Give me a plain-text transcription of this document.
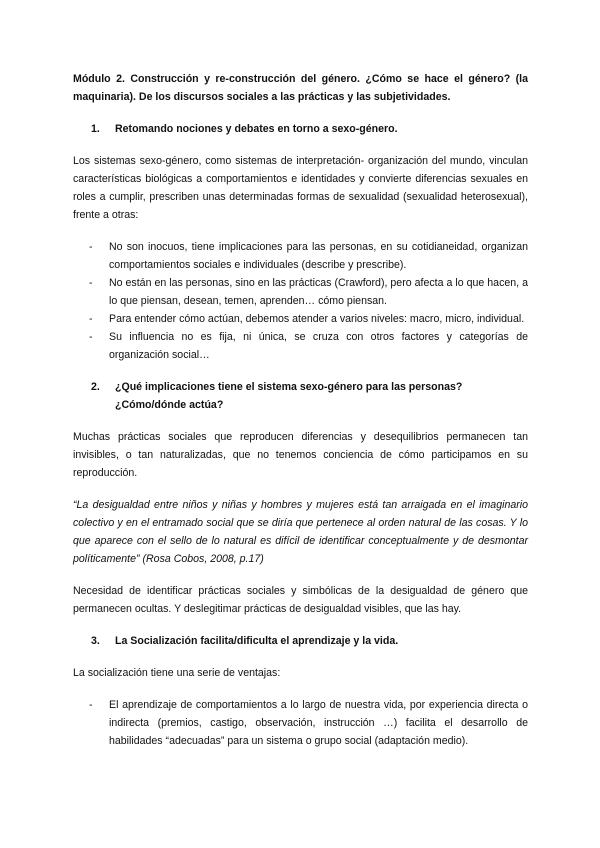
Módulo 2. Construcción y re-construcción del género. ¿Cómo se hace el género? (la maquinaria). De los discursos sociales a las prácticas y las subjetividades.

1.	Retomando nociones y debates en torno a sexo-género.

Los sistemas sexo-género, como sistemas de interpretación- organización del mundo, vinculan características biológicas a comportamientos e identidades y convierte diferencias sexuales en roles a cumplir, prescriben unas determinadas formas de sexualidad (sexualidad heterosexual), frente a otras:

-	No son inocuos, tiene implicaciones para las personas, en su cotidianeidad, organizan comportamientos sociales e individuales (describe y prescribe).
-	No están en las personas, sino en las prácticas (Crawford), pero afecta a lo que hacen, a lo que piensan, desean, temen, aprenden… cómo piensan.
-	Para entender cómo actúan, debemos atender a varios niveles: macro, micro, individual.
-	Su influencia no es fija, ni única, se cruza con otros factores y categorías de organización social…
2.	¿Qué implicaciones tiene el sistema sexo-género para las personas? ¿Cómo/dónde actúa?

Muchas prácticas sociales que reproducen diferencias y desequilibrios permanecen tan invisibles, o tan naturalizadas, que no tenemos conciencia de cómo participamos en su reproducción.

“La desigualdad entre niños y niñas y hombres y mujeres está tan arraigada en el imaginario colectivo y en el entramado social que se diría que pertenece al orden natural de las cosas. Y lo que aparece con el sello de lo natural es difícil de identificar conceptualmente y de desmontar políticamente” (Rosa Cobos, 2008, p.17)

Necesidad de identificar prácticas sociales y simbólicas de la desigualdad de género que permanecen ocultas. Y deslegitimar prácticas de desigualdad visibles, que las hay.

3.	La Socialización facilita/dificulta el aprendizaje y la vida.

La socialización tiene una serie de ventajas:

-	El aprendizaje de comportamientos a lo largo de nuestra vida, por experiencia directa o indirecta (premios, castigo, observación, instrucción …) facilita el desarrollo de habilidades “adecuadas” para un sistema o grupo social (adaptación medio).
